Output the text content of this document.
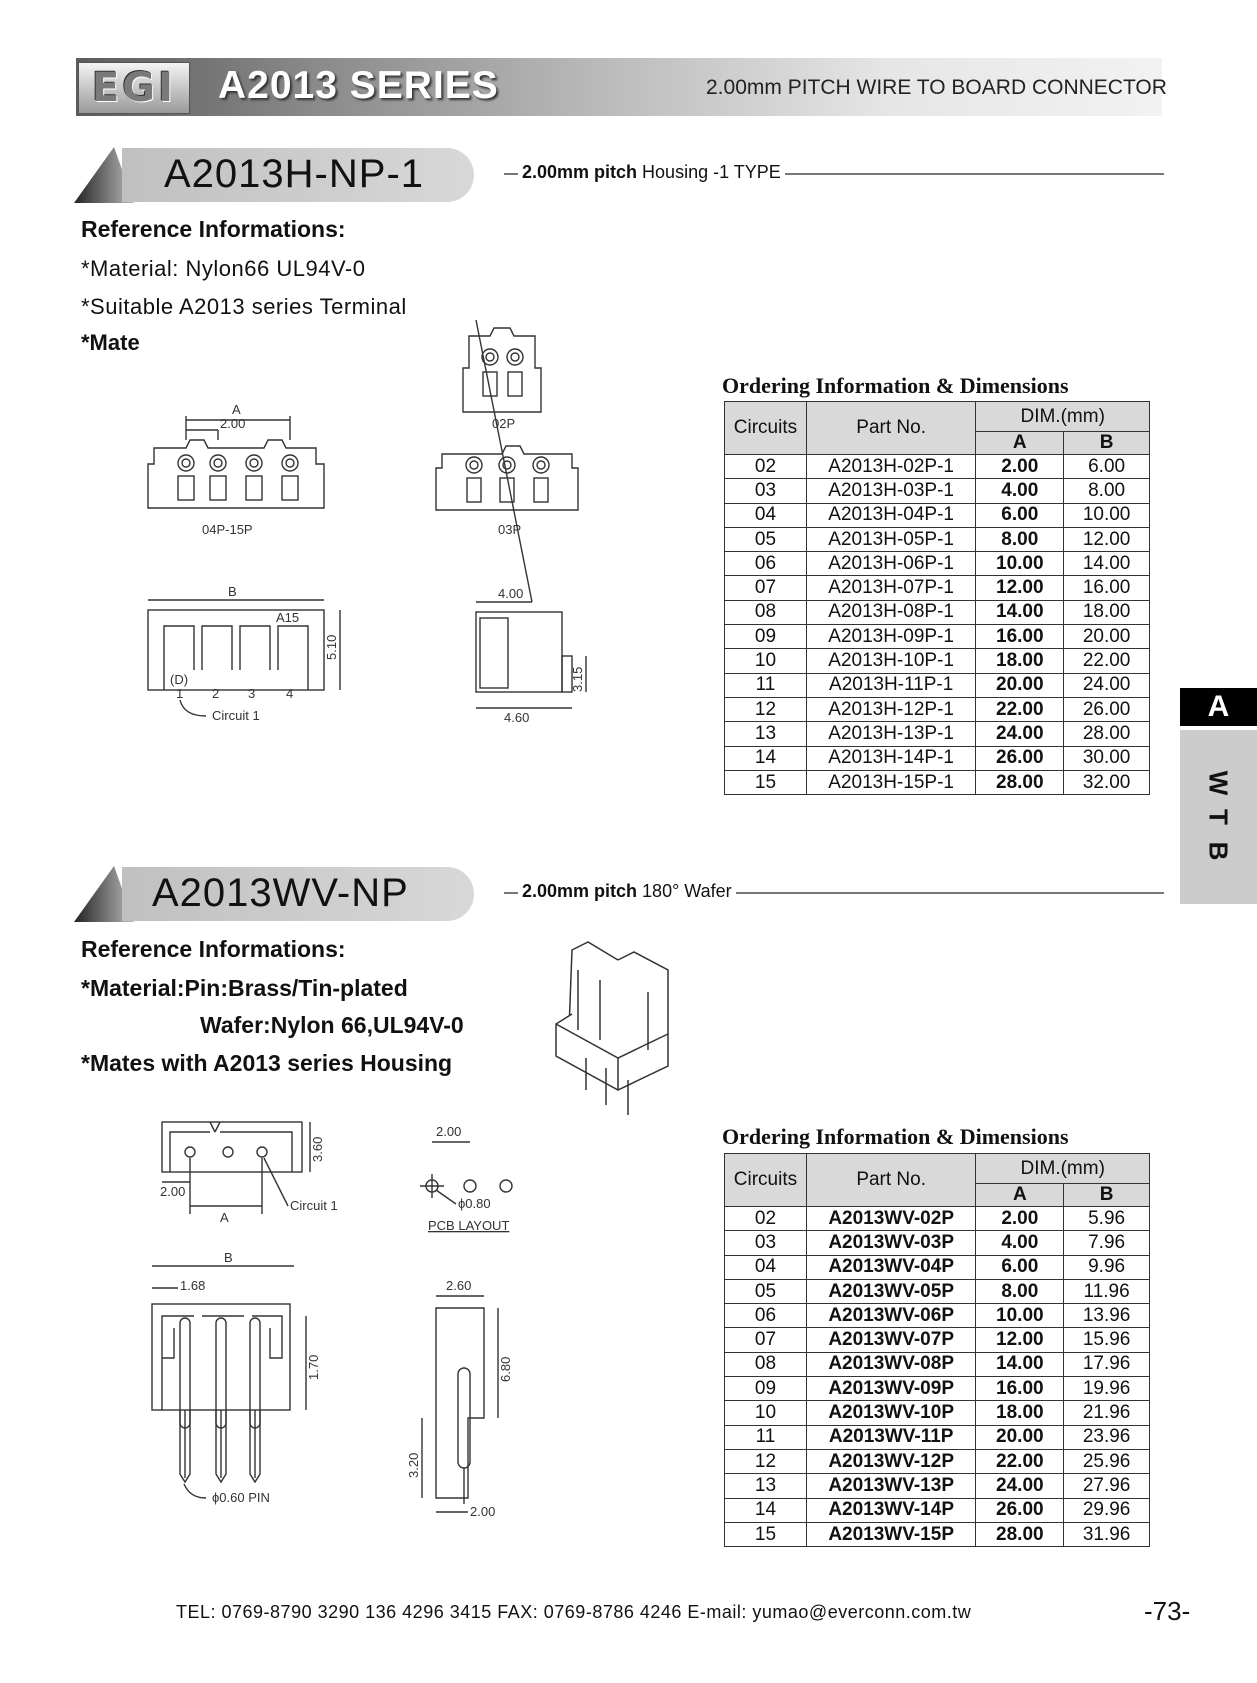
EGI	A2013 SERIES	2.00mm PITCH WIRE TO BOARD CONNECTOR
A2013H-NP-1	2.00mm pitch Housing -1 TYPE
Reference Informations:
*Material: Nylon66 UL94V-0
*Suitable A2013 series Terminal
*Mates with A2013 series Wafer
02P
A
2.00
04P-15P	03P
B
A15
(D)
1 2 3 4
Circuit 1
5.10
4.00
4.60
3.15
Ordering Information & Dimensions
Circuits	Part No.	DIM.(mm)	
		A	B
02	A2013H-02P-1	2.00	6.00
03	A2013H-03P-1	4.00	8.00
04	A2013H-04P-1	6.00	10.00
05	A2013H-05P-1	8.00	12.00
06	A2013H-06P-1	10.00	14.00
07	A2013H-07P-1	12.00	16.00
08	A2013H-08P-1	14.00	18.00
09	A2013H-09P-1	16.00	20.00
10	A2013H-10P-1	18.00	22.00
11	A2013H-11P-1	20.00	24.00
12	A2013H-12P-1	22.00	26.00
13	A2013H-13P-1	24.00	28.00
14	A2013H-14P-1	26.00	30.00
15	A2013H-15P-1	28.00	32.00
A
W
T
B
A2013WV-NP	2.00mm pitch 180° Wafer
Reference Informations:
*Material:Pin:Brass/Tin-plated
Wafer:Nylon 66,UL94V-0
*Mates with A2013 series Housing
3.60
A
2.00
Circuit 1
2.00
ϕ0.80
PCB LAYOUT
B
1.68
1.70
ϕ0.60 PIN
2.60
6.80
3.20
2.00
Ordering Information & Dimensions
Circuits	Part No.	DIM.(mm)	
		A	B
02	A2013WV-02P	2.00	5.96
03	A2013WV-03P	4.00	7.96
04	A2013WV-04P	6.00	9.96
05	A2013WV-05P	8.00	11.96
06	A2013WV-06P	10.00	13.96
07	A2013WV-07P	12.00	15.96
08	A2013WV-08P	14.00	17.96
09	A2013WV-09P	16.00	19.96
10	A2013WV-10P	18.00	21.96
11	A2013WV-11P	20.00	23.96
12	A2013WV-12P	22.00	25.96
13	A2013WV-13P	24.00	27.96
14	A2013WV-14P	26.00	29.96
15	A2013WV-15P	28.00	31.96
TEL: 0769-8790 3290 136 4296 3415 FAX: 0769-8786 4246 E-mail: yumao@everconn.com.tw	-73-
